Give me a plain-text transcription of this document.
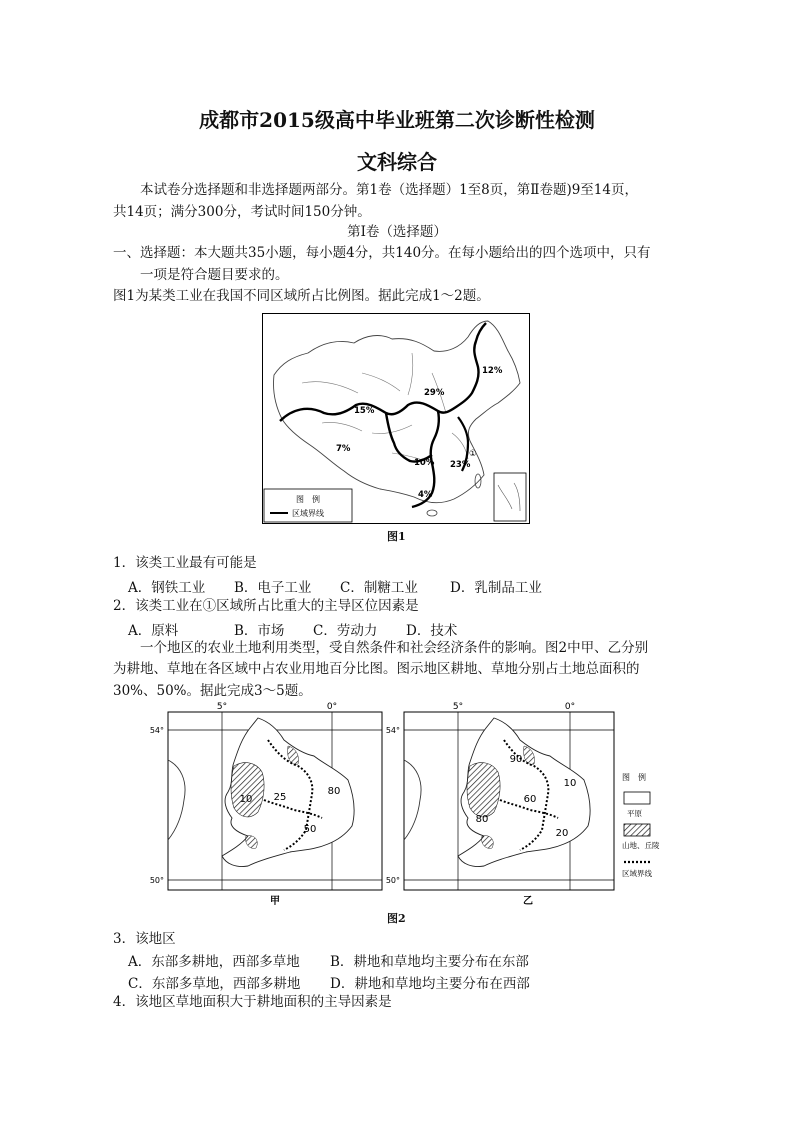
成都市2015级高中毕业班第二次诊断性检测
文科综合
本试卷分选择题和非选择题两部分。第1卷（选择题）1至8页，第Ⅱ卷题)9至14页，
共14页；满分300分，考试时间150分钟。
第Ⅰ卷（选择题）
一、选择题：本大题共35小题，每小题4分，共140分。在每小题给出的四个选项中，只有
一项是符合题目要求的。
图1为某类工业在我国不同区域所占比例图。据此完成1～2题。
图　例
区域界线
12%
29%
15%
7%
10% 23%
4%
①
图1
1．该类工业最有可能是
A．钢铁工业 B．电子工业 C．制糖工业 D．乳制品工业
2．该类工业在①区域所占比重大的主导区位因素是
A．原料	B．市场 C．劳动力 D．技术
一个地区的农业土地利用类型，受自然条件和社会经济条件的影响。图2中甲、乙分别
为耕地、草地在各区域中占农业用地百分比图。图示地区耕地、草地分别占土地总面积的
30%、50%。据此完成3～5题。
10 25
80
50
5°	0°
54°
50°
甲
90
60
10
80
20
5°	0°
54°
50°
乙
图　例
平原
山地、丘陵
区域界线
图2
3．该地区
A．东部多耕地，西部多草地 B．耕地和草地均主要分布在东部
C．东部多草地，西部多耕地 D．耕地和草地均主要分布在西部
4．该地区草地面积大于耕地面积的主导因素是
